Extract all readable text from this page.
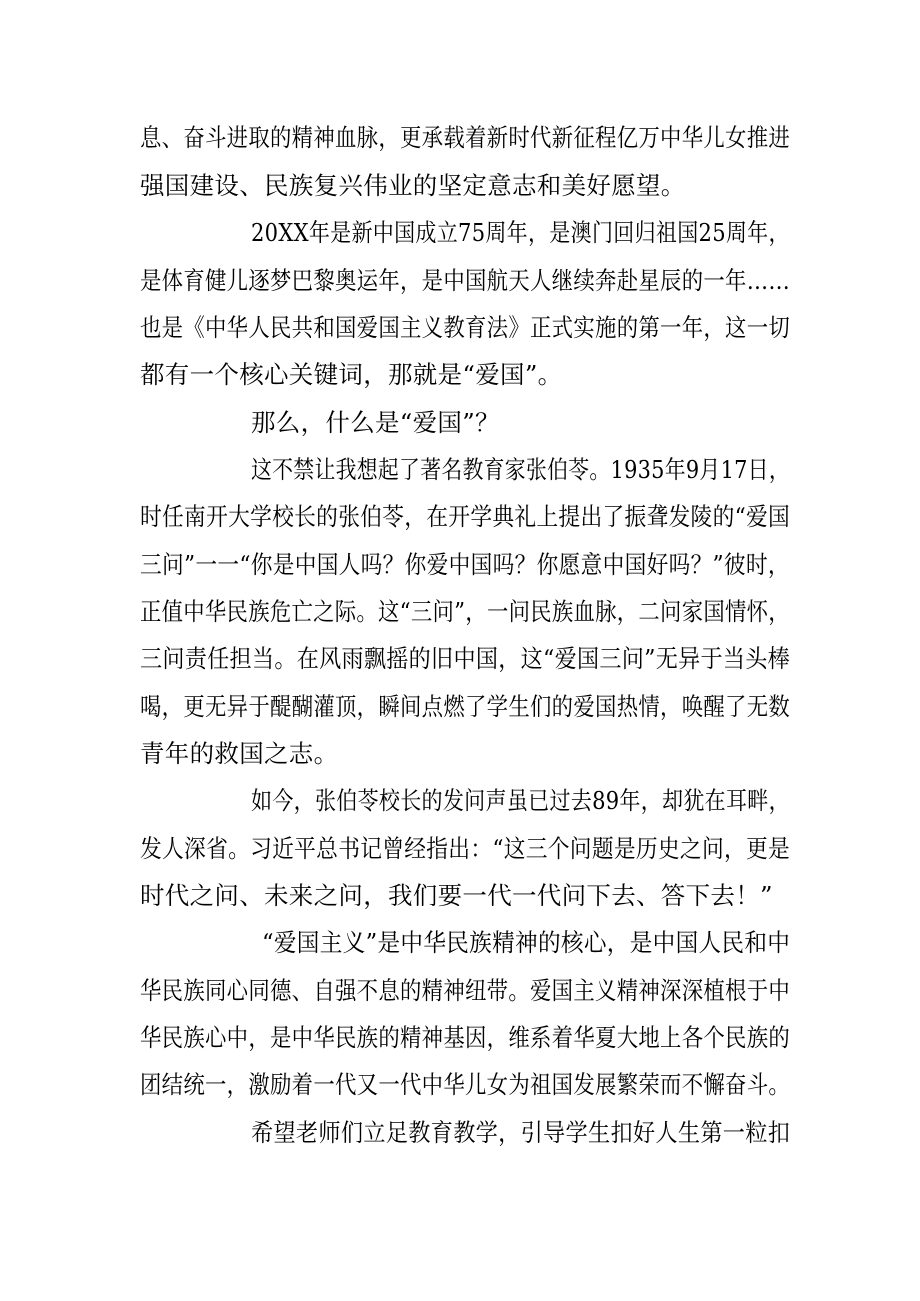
息、奋斗进取的精神血脉，更承载着新时代新征程亿万中华儿女推进
强国建设、民族复兴伟业的坚定意志和美好愿望。
20XX年是新中国成立75周年，是澳门回归祖国25周年，
是体育健儿逐梦巴黎奥运年，是中国航天人继续奔赴星辰的一年……
也是《中华人民共和国爱国主义教育法》正式实施的第一年，这一切
都有一个核心关键词，那就是“爱国”。
那么，什么是“爱国”？
这不禁让我想起了著名教育家张伯苓。1935年9月17日，
时任南开大学校长的张伯苓，在开学典礼上提出了振聋发陵的“爱国
三问”一一“你是中国人吗？你爱中国吗？你愿意中国好吗？”彼时，
正值中华民族危亡之际。这“三问”，一问民族血脉，二问家国情怀，
三问责任担当。在风雨飘摇的旧中国，这“爱国三问”无异于当头棒
喝，更无异于醍醐灌顶，瞬间点燃了学生们的爱国热情，唤醒了无数
青年的救国之志。
如今，张伯苓校长的发问声虽已过去89年，却犹在耳畔，
发人深省。习近平总书记曾经指出：“这三个问题是历史之问，更是
时代之问、未来之问，我们要一代一代问下去、答下去！”
“爱国主义”是中华民族精神的核心，是中国人民和中
华民族同心同德、自强不息的精神纽带。爱国主义精神深深植根于中
华民族心中，是中华民族的精神基因，维系着华夏大地上各个民族的
团结统一，激励着一代又一代中华儿女为祖国发展繁荣而不懈奋斗。
希望老师们立足教育教学，引导学生扣好人生第一粒扣
